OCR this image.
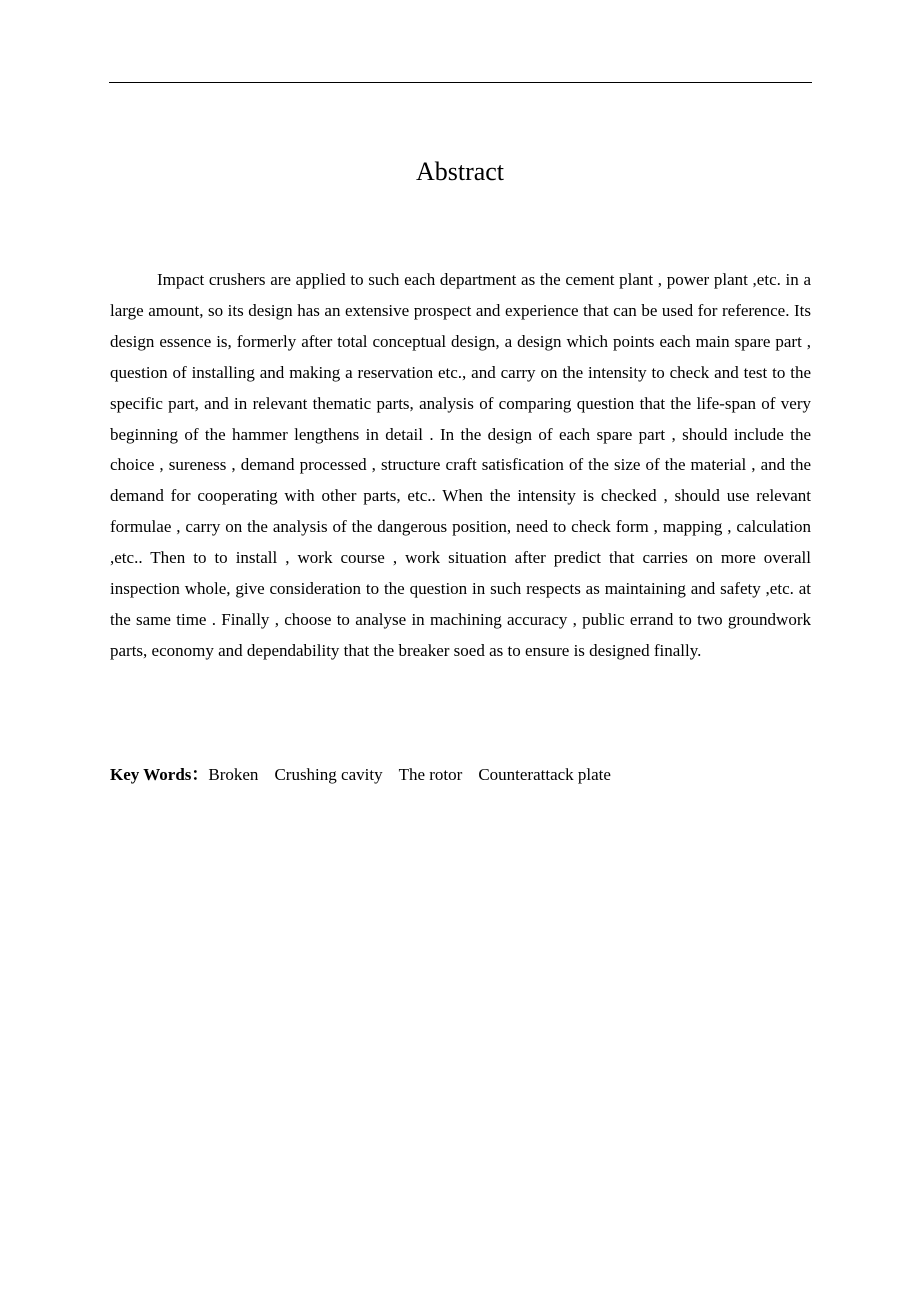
Abstract

Impact crushers are applied to such each department as the cement plant , power plant ,etc. in a large amount, so its design has an extensive prospect and experience that can be used for reference. Its design essence is, formerly after total conceptual design, a design which points each main spare part , question of installing and making a reservation etc., and carry on the intensity to check and test to the specific part, and in relevant thematic parts, analysis of comparing question that the life-span of very beginning of the hammer lengthens in detail . In the design of each spare part , should include the choice , sureness , demand processed , structure craft satisfication of the size of the material , and the demand for cooperating with other parts, etc.. When the intensity is checked , should use relevant formulae , carry on the analysis of the dangerous position, need to check form , mapping , calculation ,etc.. Then to to install , work course , work situation after predict that carries on more overall inspection whole, give consideration to the question in such respects as maintaining and safety ,etc. at the same time . Finally , choose to analyse in machining accuracy , public errand to two groundwork parts, economy and dependability that the breaker soed as to ensure is designed finally.

Key Words：Broken Crushing cavity The rotor Counterattack plate
